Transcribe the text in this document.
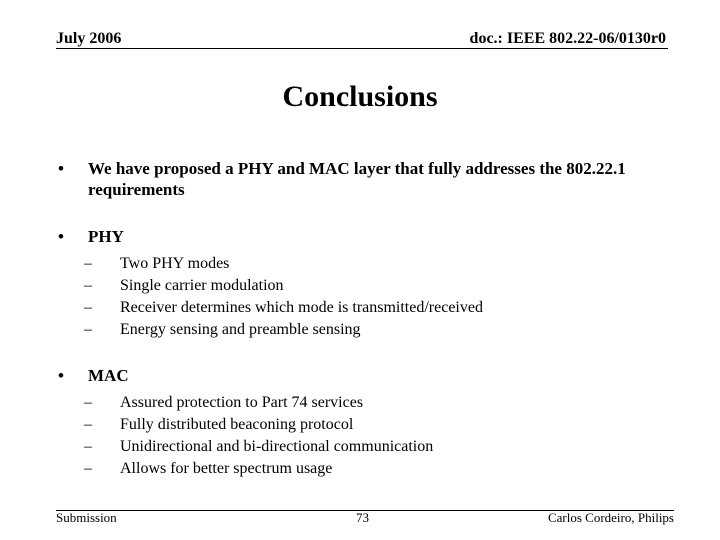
July 2006	doc.: IEEE 802.22-06/0130r0
Conclusions
• We have proposed a PHY and MAC layer that fully addresses the 802.22.1 requirements
• PHY
– Two PHY modes
– Single carrier modulation
– Receiver determines which mode is transmitted/received
– Energy sensing and preamble sensing
• MAC
– Assured protection to Part 74 services
– Fully distributed beaconing protocol
– Unidirectional and bi-directional communication
– Allows for better spectrum usage
Submission	73	Carlos Cordeiro, Philips
